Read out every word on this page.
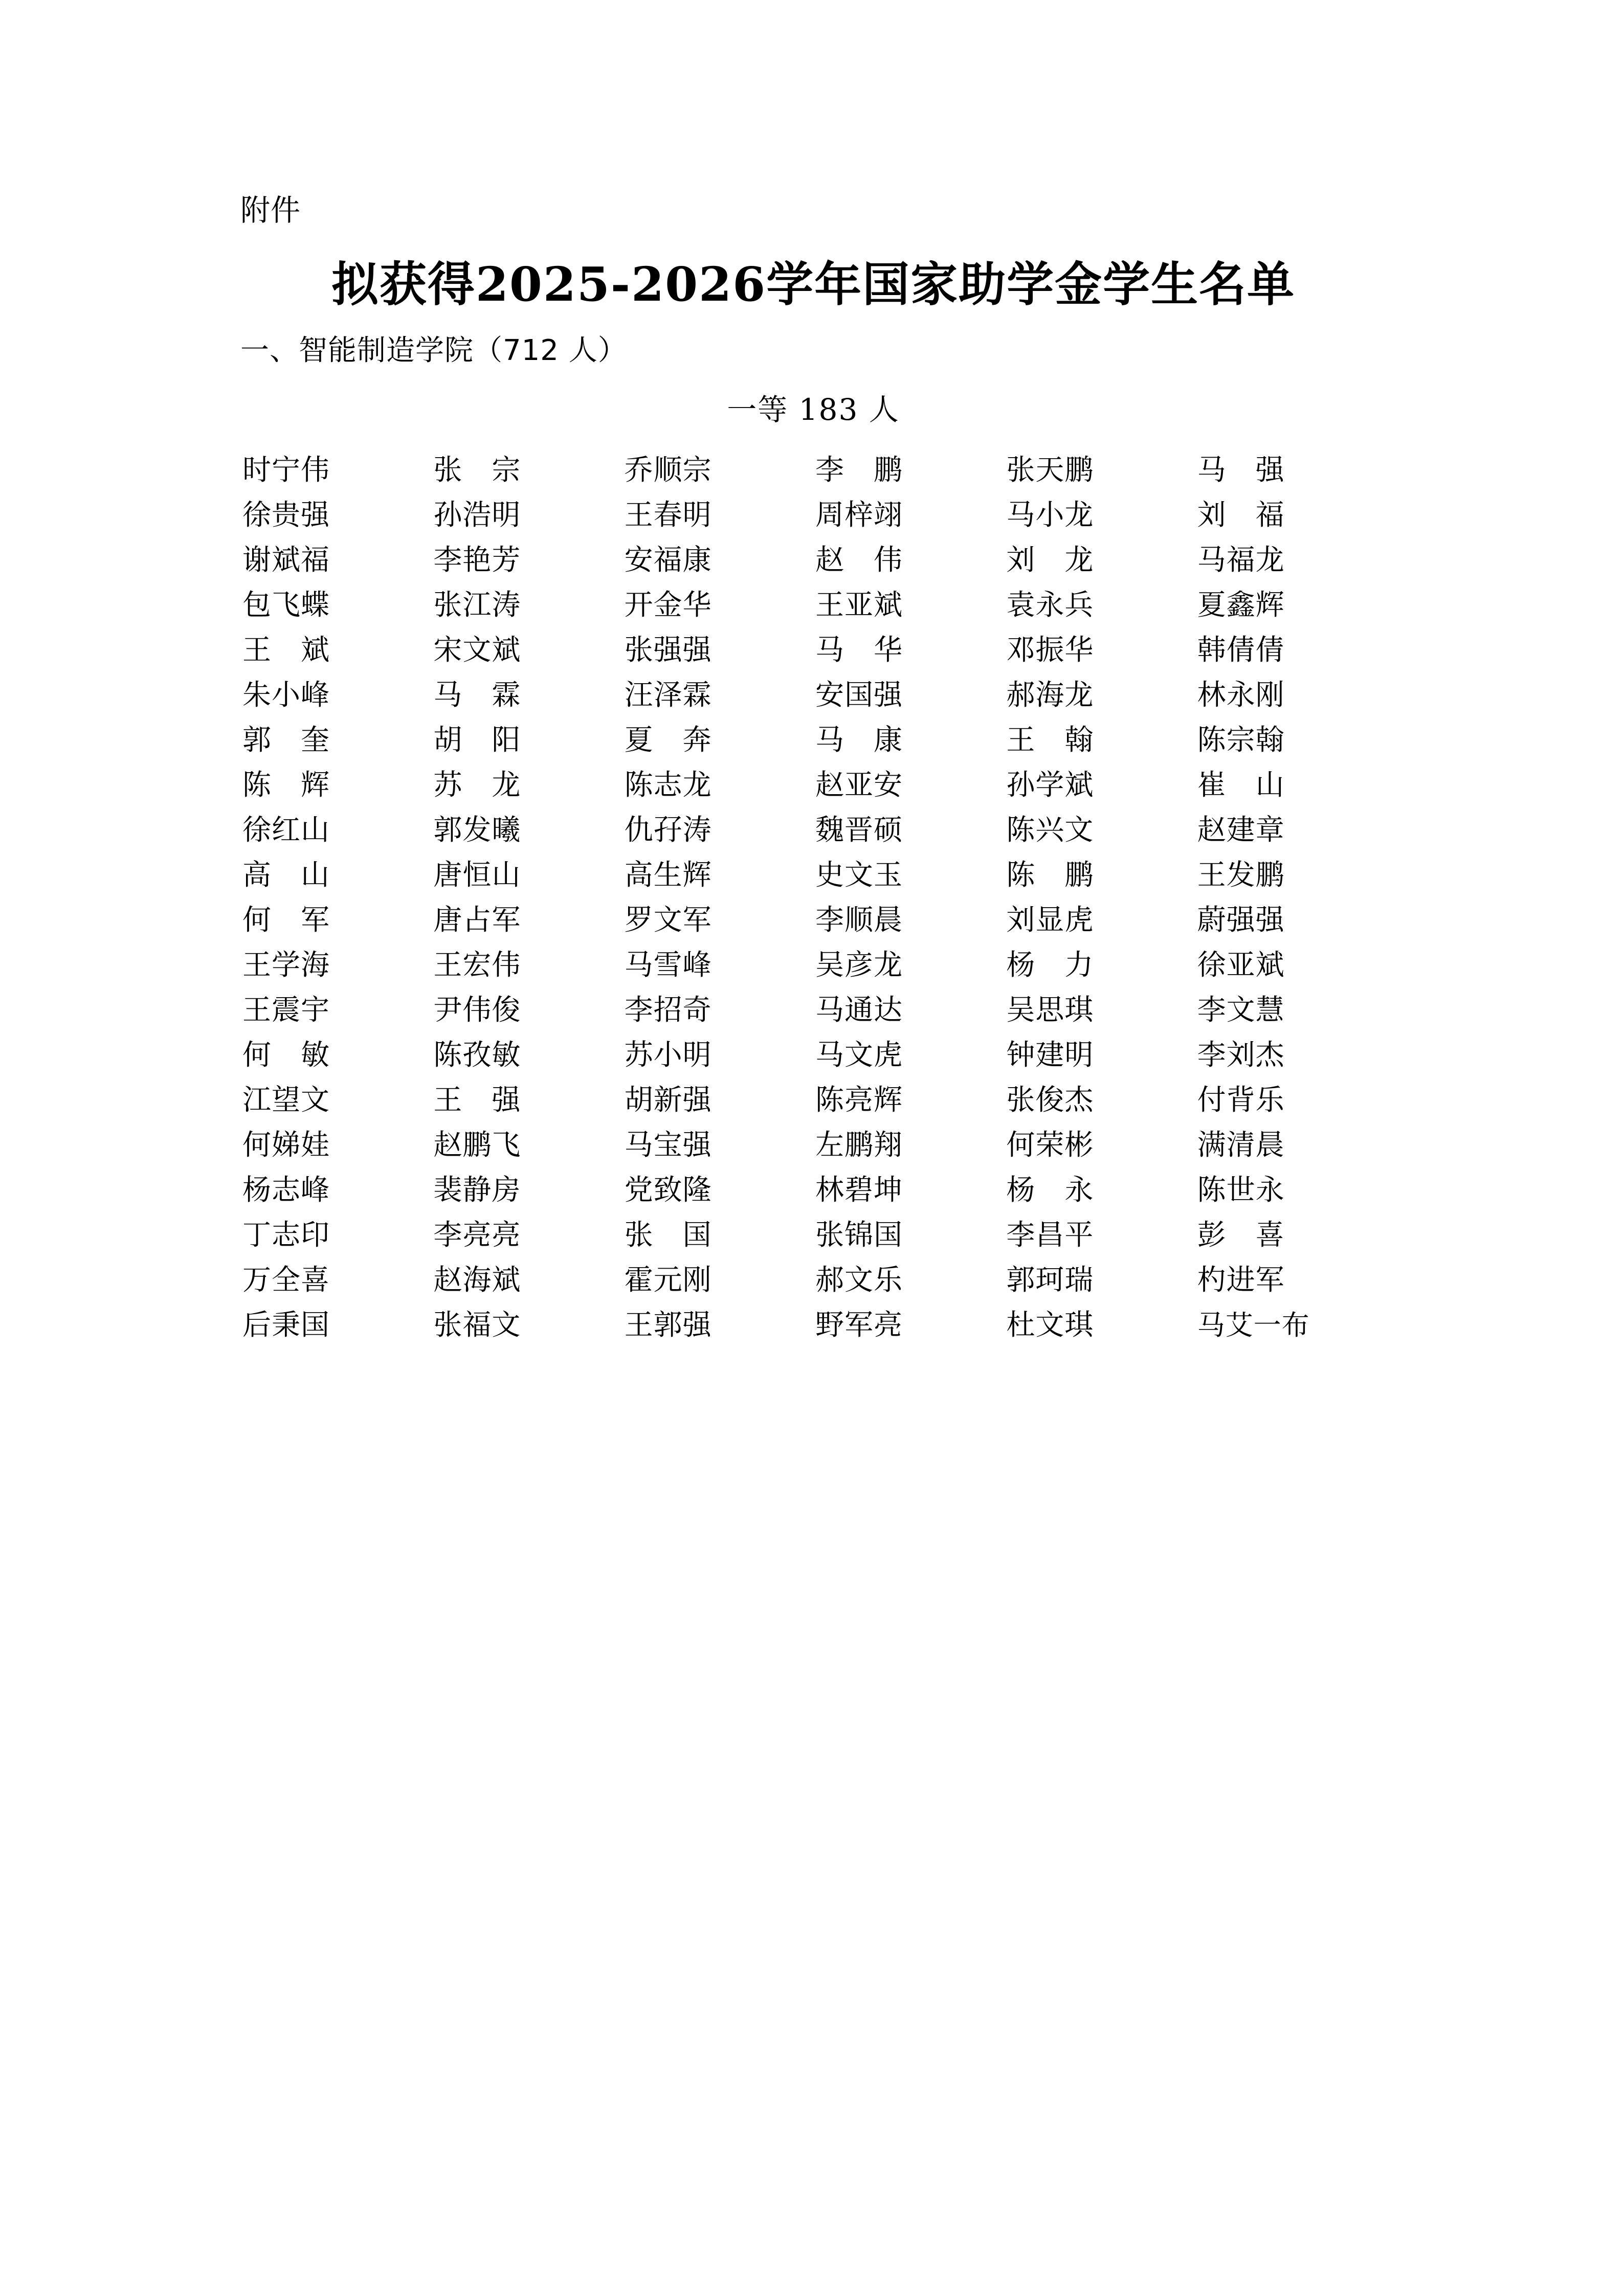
附件
拟获得2025-2026学年国家助学金学生名单
一、智能制造学院（712 人）
一等 183 人
时宁伟	张　宗	乔顺宗	李　鹏	张天鹏	马　强
徐贵强	孙浩明	王春明	周梓翊	马小龙	刘　福
谢斌福	李艳芳	安福康	赵　伟	刘　龙	马福龙
包飞蝶	张江涛	开金华	王亚斌	袁永兵	夏鑫辉
王　斌	宋文斌	张强强	马　华	邓振华	韩倩倩
朱小峰	马　霖	汪泽霖	安国强	郝海龙	林永刚
郭　奎	胡　阳	夏　奔	马　康	王　翰	陈宗翰
陈　辉	苏　龙	陈志龙	赵亚安	孙学斌	崔　山
徐红山	郭发曦	仇孖涛	魏晋硕	陈兴文	赵建章
高　山	唐恒山	高生辉	史文玉	陈　鹏	王发鹏
何　军	唐占军	罗文军	李顺晨	刘显虎	蔚强强
王学海	王宏伟	马雪峰	吴彦龙	杨　力	徐亚斌
王震宇	尹伟俊	李招奇	马通达	吴思琪	李文慧
何　敏	陈孜敏	苏小明	马文虎	钟建明	李刘杰
江望文	王　强	胡新强	陈亮辉	张俊杰	付背乐
何娣娃	赵鹏飞	马宝强	左鹏翔	何荣彬	满清晨
杨志峰	裴静房	党致隆	林碧坤	杨　永	陈世永
丁志印	李亮亮	张　国	张锦国	李昌平	彭　喜
万全喜	赵海斌	霍元刚	郝文乐	郭珂瑞	杓进军
后秉国	张福文	王郭强	野军亮	杜文琪	马艾一布
